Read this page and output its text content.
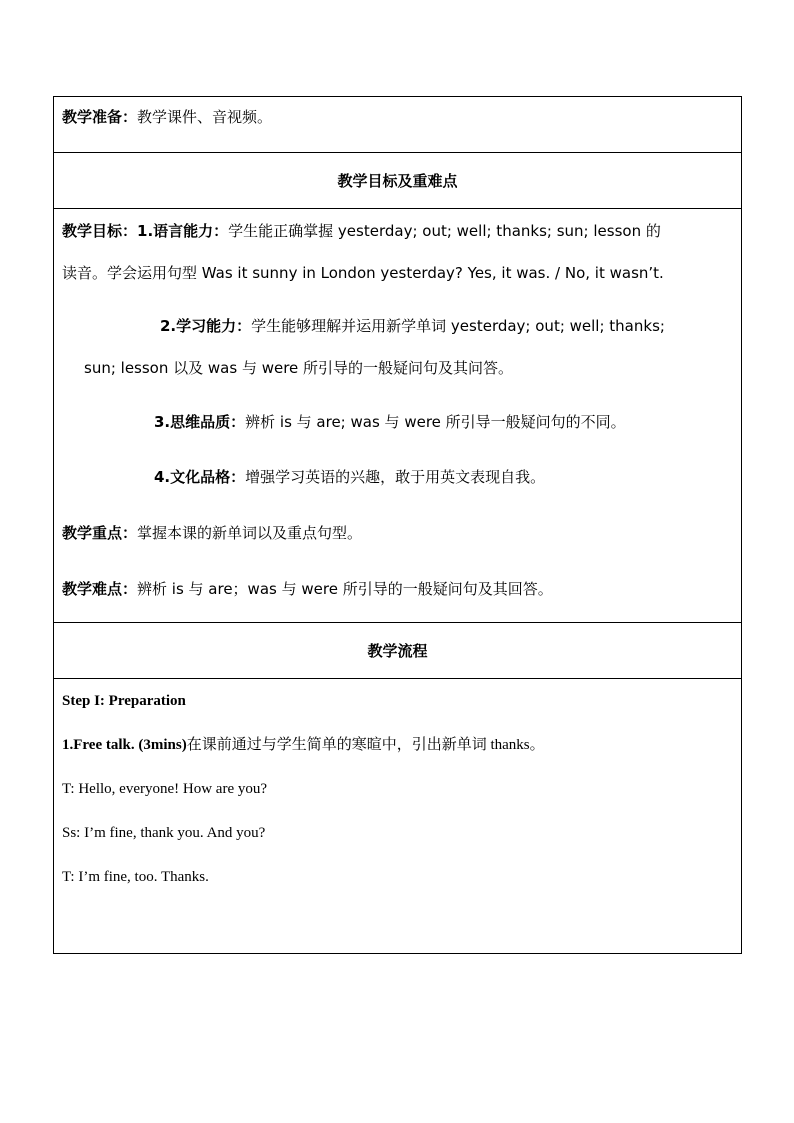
教学准备：教学课件、音视频。

教学目标及重难点

教学目标：1.语言能力：学生能正确掌握 yesterday; out; well; thanks; sun; lesson 的
读音。学会运用句型 Was it sunny in London yesterday? Yes, it was. / No, it wasn’t.
2.学习能力：学生能够理解并运用新学单词 yesterday; out; well; thanks;
sun; lesson 以及 was 与 were 所引导的一般疑问句及其问答。
3.思维品质：辨析 is 与 are; was 与 were 所引导一般疑问句的不同。
4.文化品格：增强学习英语的兴趣，敢于用英文表现自我。
教学重点：掌握本课的新单词以及重点句型。
教学难点：辨析 is 与 are；was 与 were 所引导的一般疑问句及其回答。

教学流程

Step I: Preparation
1.Free talk. (3mins)在课前通过与学生简单的寒暄中，引出新单词 thanks。
T: Hello, everyone! How are you?
Ss: I’m fine, thank you. And you?
T: I’m fine, too. Thanks.
